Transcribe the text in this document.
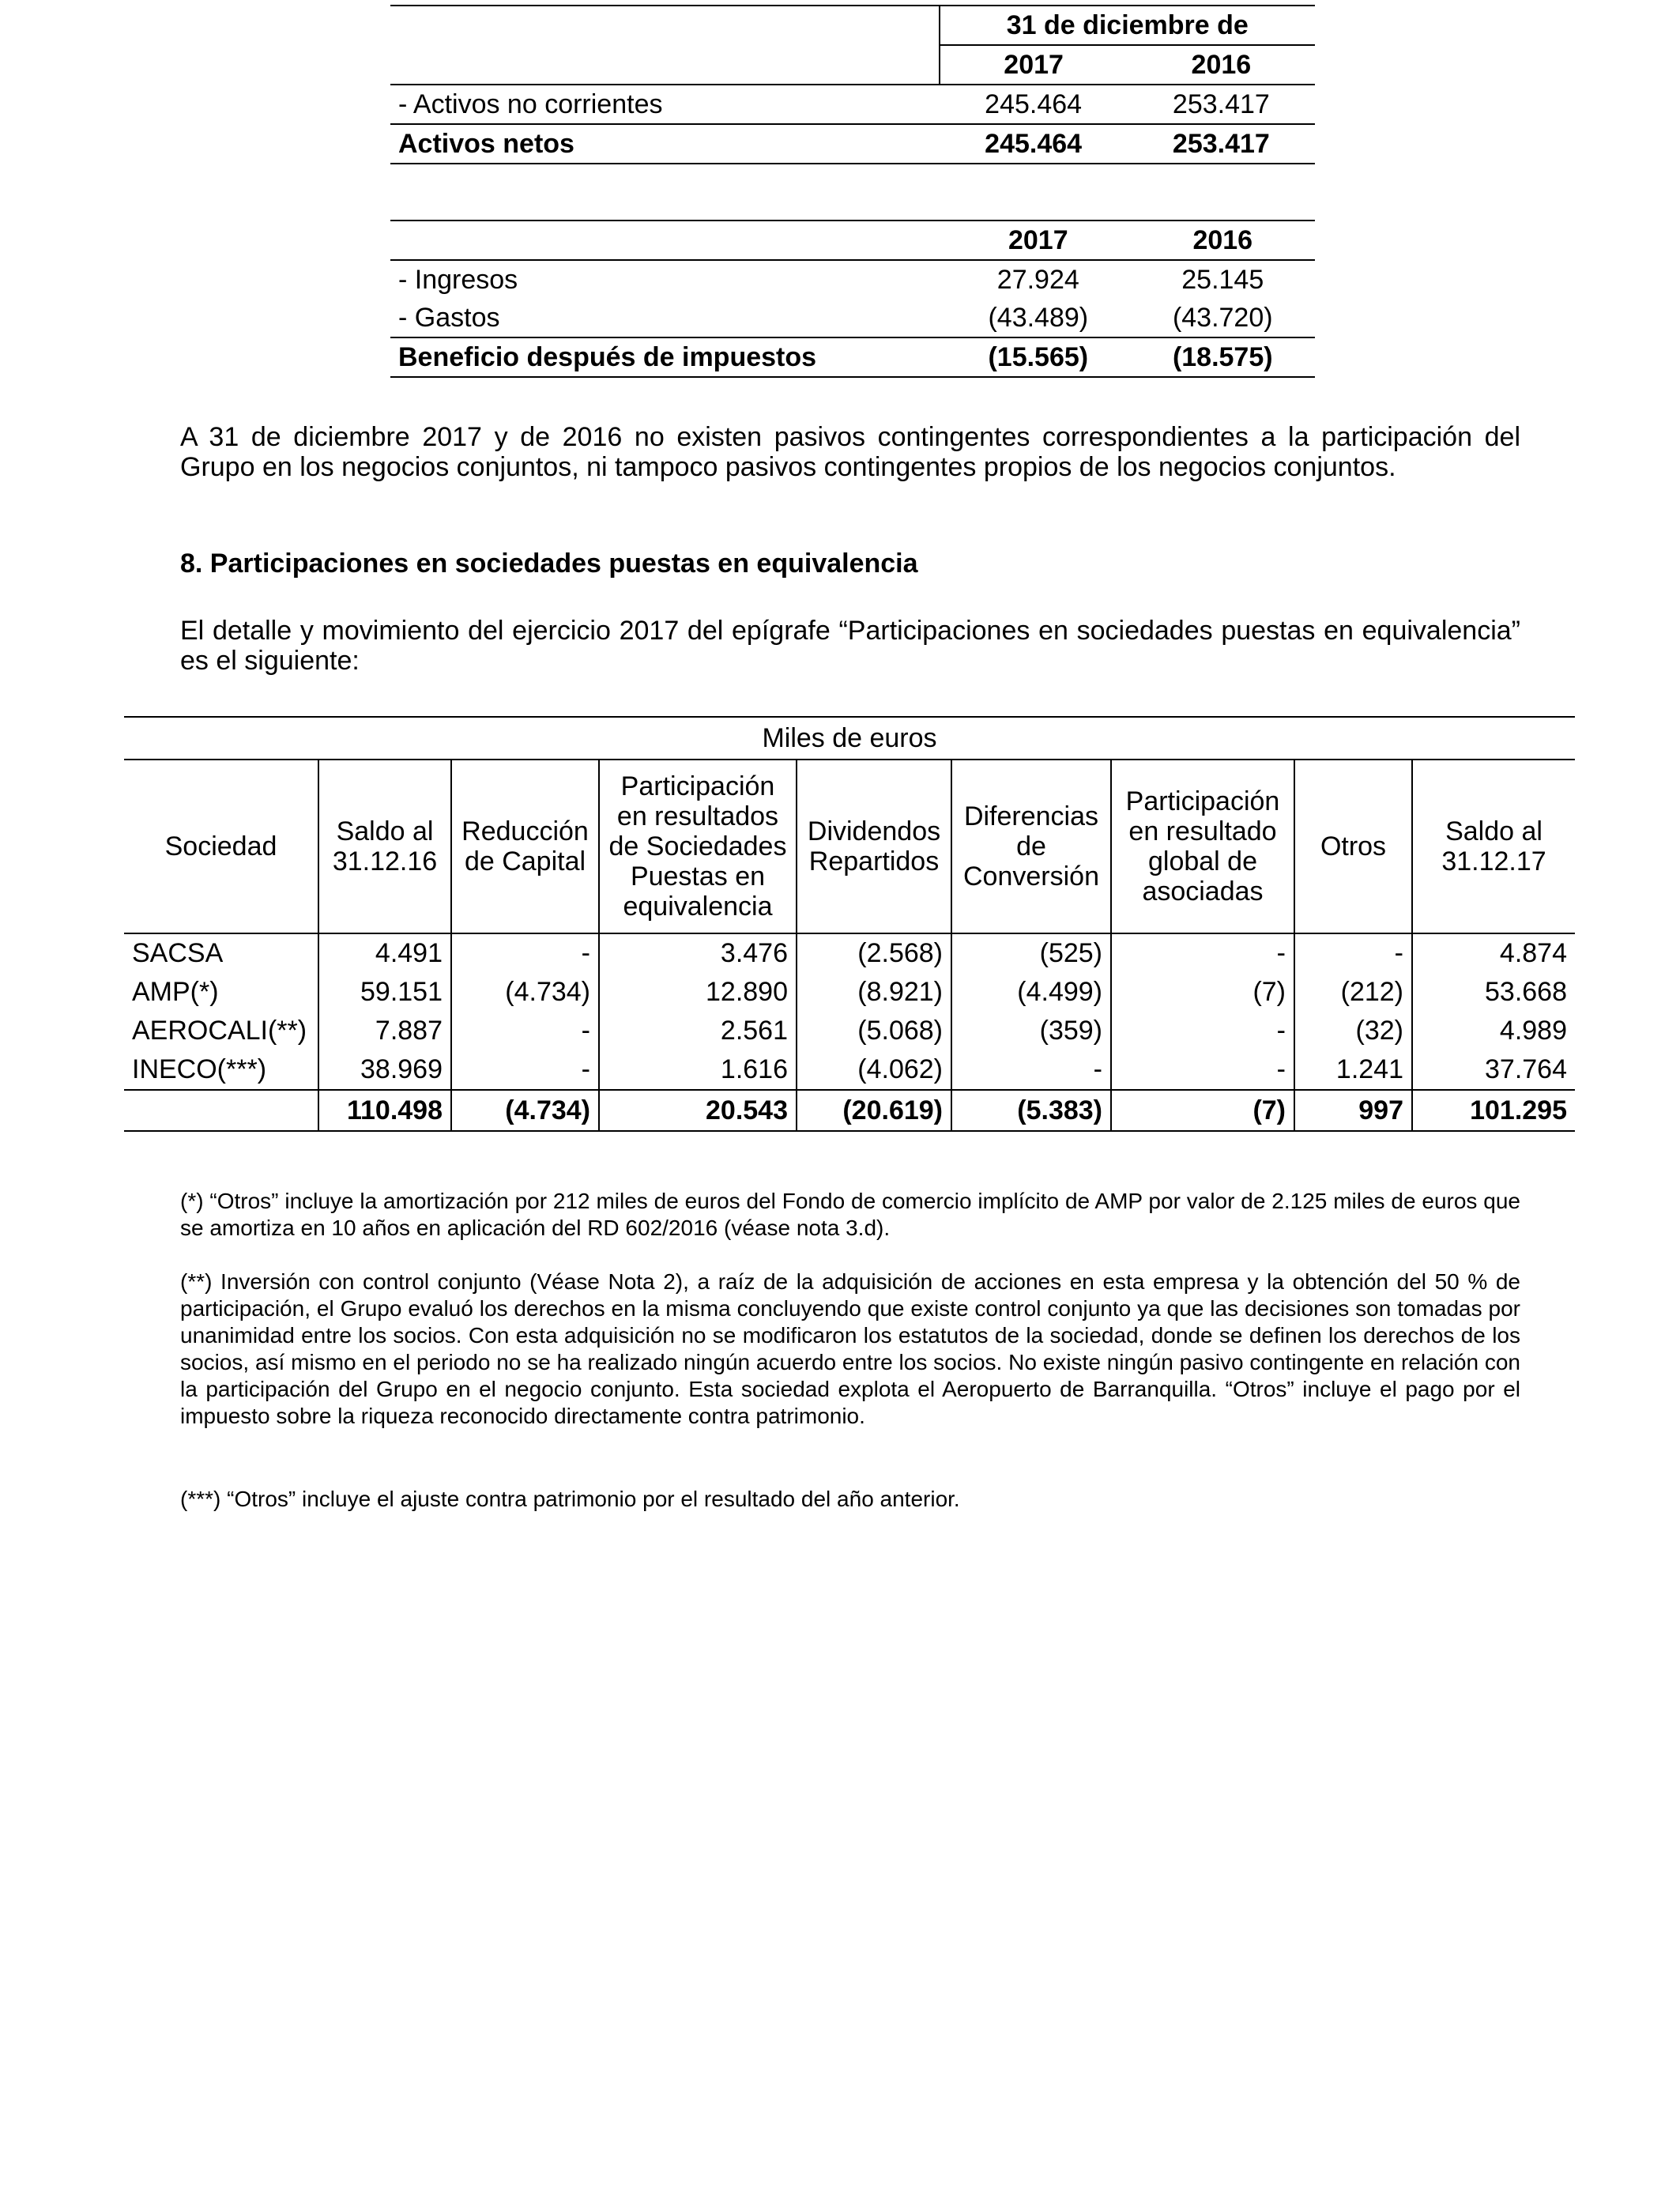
	31 de diciembre de	
	2017	2016
- Activos no corrientes	245.464	253.417
Activos netos	245.464	253.417
	2017	2016
- Ingresos	27.924	25.145
- Gastos	(43.489)	(43.720)
Beneficio después de impuestos	(15.565)	(18.575)
A 31 de diciembre 2017 y de 2016 no existen pasivos contingentes correspondientes a la participación del Grupo en los negocios conjuntos, ni tampoco pasivos contingentes propios de los negocios conjuntos.
8. Participaciones en sociedades puestas en equivalencia
El detalle y movimiento del ejercicio 2017 del epígrafe “Participaciones en sociedades puestas en equivalencia” es el siguiente:
Miles de euros								
Sociedad	Saldo al 31.12.16	Reducción de Capital	Participación en resultados de Sociedades Puestas en equivalencia	Dividendos Repartidos	Diferencias de Conversión	Participación en resultado global de asociadas	Otros	Saldo al 31.12.17
SACSA	4.491	-	3.476	(2.568)	(525)	-	-	4.874
AMP(*)	59.151	(4.734)	12.890	(8.921)	(4.499)	(7)	(212)	53.668
AEROCALI(**)	7.887	-	2.561	(5.068)	(359)	-	(32)	4.989
INECO(***)	38.969	-	1.616	(4.062)	-	-	1.241	37.764
	110.498	(4.734)	20.543	(20.619)	(5.383)	(7)	997	101.295
(*) “Otros” incluye la amortización por 212 miles de euros del Fondo de comercio implícito de AMP por valor de 2.125 miles de euros que se amortiza en 10 años en aplicación del RD 602/2016 (véase nota 3.d).
(**) Inversión con control conjunto (Véase Nota 2), a raíz de la adquisición de acciones en esta empresa y la obtención del 50 % de participación, el Grupo evaluó los derechos en la misma concluyendo que existe control conjunto ya que las decisiones son tomadas por unanimidad entre los socios. Con esta adquisición no se modificaron los estatutos de la sociedad, donde se definen los derechos de los socios, así mismo en el periodo no se ha realizado ningún acuerdo entre los socios. No existe ningún pasivo contingente en relación con la participación del Grupo en el negocio conjunto. Esta sociedad explota el Aeropuerto de Barranquilla. “Otros” incluye el pago por el impuesto sobre la riqueza reconocido directamente contra patrimonio.
(***) “Otros” incluye el ajuste contra patrimonio por el resultado del año anterior.
